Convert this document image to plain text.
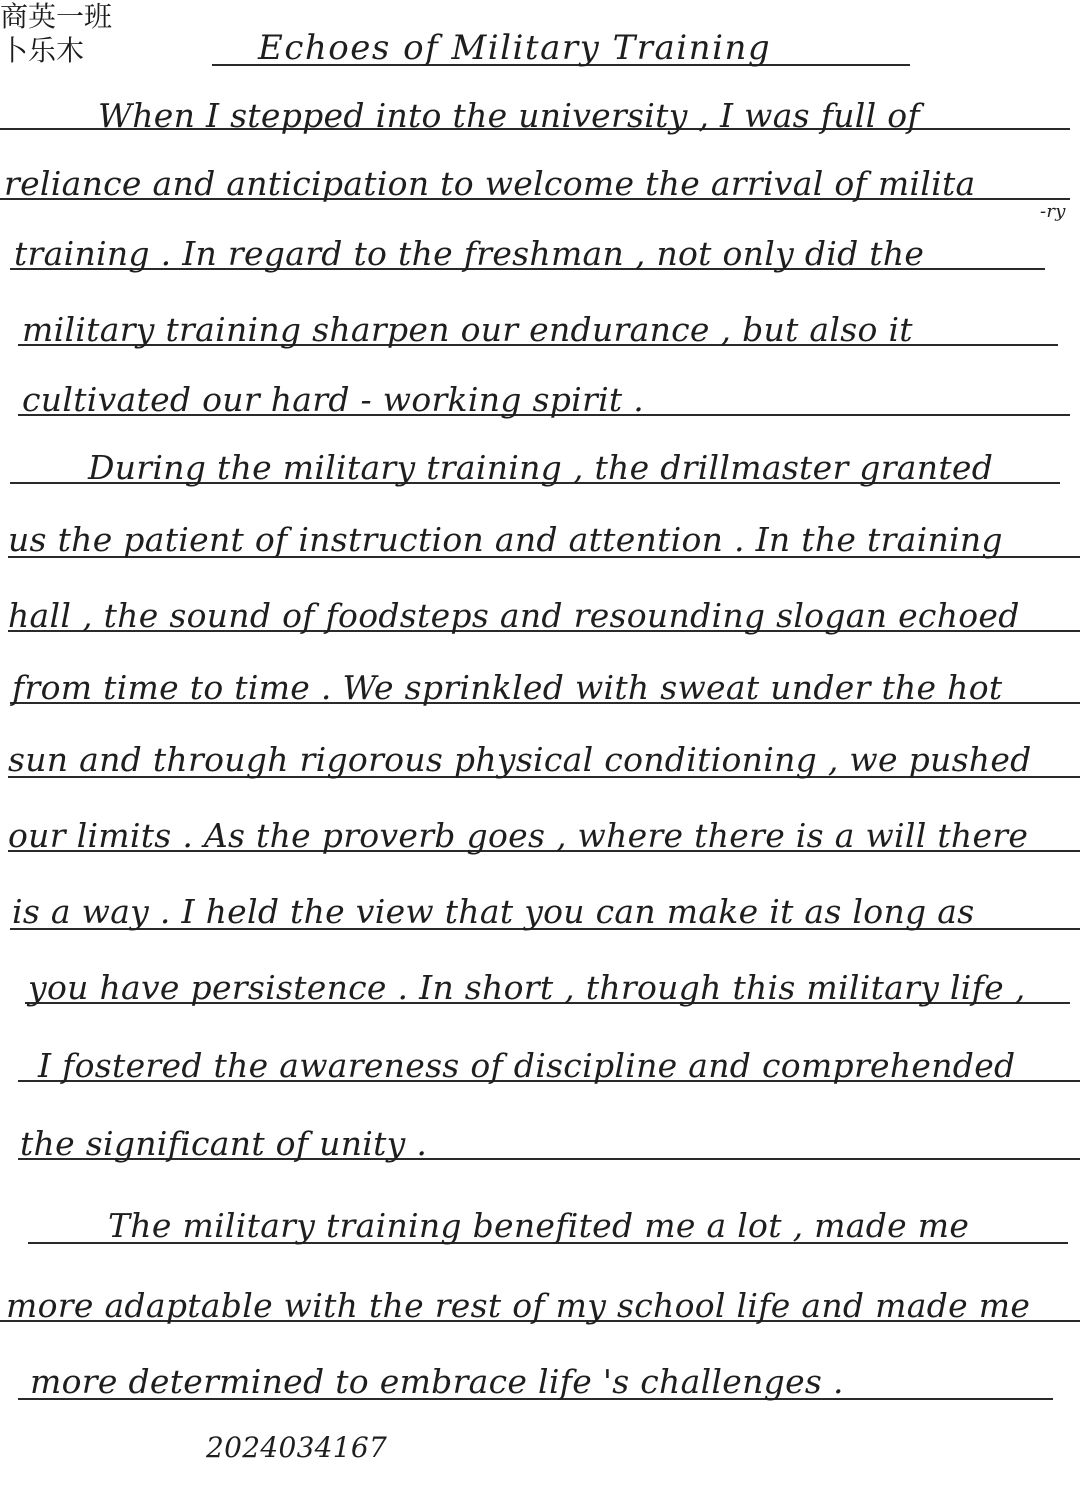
Echoes of Military Training
When I stepped into the university , I was full of
reliance and anticipation to welcome the arrival of milita
-ry
training . In regard to the freshman , not only did the
military training sharpen our endurance , but also it
cultivated our hard - working spirit .
During the military training , the drillmaster granted
us the patient of instruction and attention . In the training
hall , the sound of foodsteps and resounding slogan echoed
from time to time . We sprinkled with sweat under the hot
sun and through rigorous physical conditioning , we pushed
our limits . As the proverb goes , where there is a will there
is a way . I held the view that you can make it as long as
you have persistence . In short , through this military life ,
I fostered the awareness of discipline and comprehended
the significant of unity .
The military training benefited me a lot , made me
more adaptable with the rest of my school life and made me
more determined to embrace life 's challenges .
商英一班
2024034167
卜乐木
